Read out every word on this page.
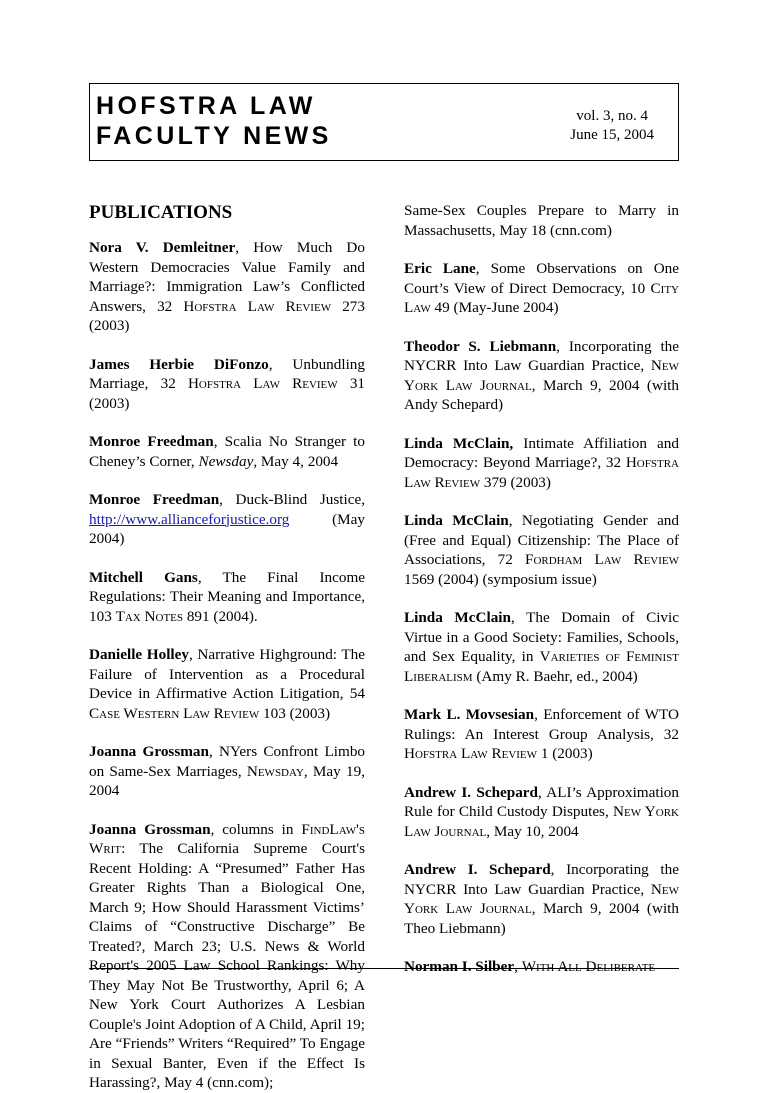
HOFSTRA LAW
FACULTY NEWS
vol. 3, no. 4
June 15, 2004
PUBLICATIONS

Nora V. Demleitner, How Much Do Western Democracies Value Family and Marriage?: Immigration Law’s Conflicted Answers, 32 Hofstra Law Review 273 (2003)

James Herbie DiFonzo, Unbundling Marriage, 32 Hofstra Law Review 31 (2003)

Monroe Freedman, Scalia No Stranger to Cheney’s Corner, Newsday, May 4, 2004

Monroe Freedman, Duck-Blind Justice, http://www.allianceforjustice.org (May 2004)

Mitchell Gans, The Final Income Regulations: Their Meaning and Importance, 103 Tax Notes 891 (2004).

Danielle Holley, Narrative Highground: The Failure of Intervention as a Procedural Device in Affirmative Action Litigation, 54 Case Western Law Review 103 (2003)

Joanna Grossman, NYers Confront Limbo on Same-Sex Marriages, Newsday, May 19, 2004

Joanna Grossman, columns in FindLaw's Writ: The California Supreme Court's Recent Holding: A “Presumed” Father Has Greater Rights Than a Biological One, March 9; How Should Harassment Victims’ Claims of “Constructive Discharge” Be Treated?, March 23; U.S. News & World Report's 2005 Law School Rankings: Why They May Not Be Trustworthy, April 6; A New York Court Authorizes A Lesbian Couple's Joint Adoption of A Child, April 19; Are “Friends” Writers “Required” To Engage in Sexual Banter, Even if the Effect Is Harassing?, May 4 (cnn.com);

Same-Sex Couples Prepare to Marry in Massachusetts, May 18 (cnn.com)

Eric Lane, Some Observations on One Court’s View of Direct Democracy, 10 City Law 49 (May-June 2004)

Theodor S. Liebmann, Incorporating the NYCRR Into Law Guardian Practice, New York Law Journal, March 9, 2004 (with Andy Schepard)

Linda McClain, Intimate Affiliation and Democracy: Beyond Marriage?, 32 Hofstra Law Review 379 (2003)

Linda McClain, Negotiating Gender and (Free and Equal) Citizenship: The Place of Associations, 72 Fordham Law Review 1569 (2004) (symposium issue)

Linda McClain, The Domain of Civic Virtue in a Good Society: Families, Schools, and Sex Equality, in Varieties of Feminist Liberalism (Amy R. Baehr, ed., 2004)

Mark L. Movsesian, Enforcement of WTO Rulings: An Interest Group Analysis, 32 Hofstra Law Review 1 (2003)

Andrew I. Schepard, ALI’s Approximation Rule for Child Custody Disputes, New York Law Journal, May 10, 2004

Andrew I. Schepard, Incorporating the NYCRR Into Law Guardian Practice, New York Law Journal, March 9, 2004 (with Theo Liebmann)

Norman I. Silber, With All Deliberate
